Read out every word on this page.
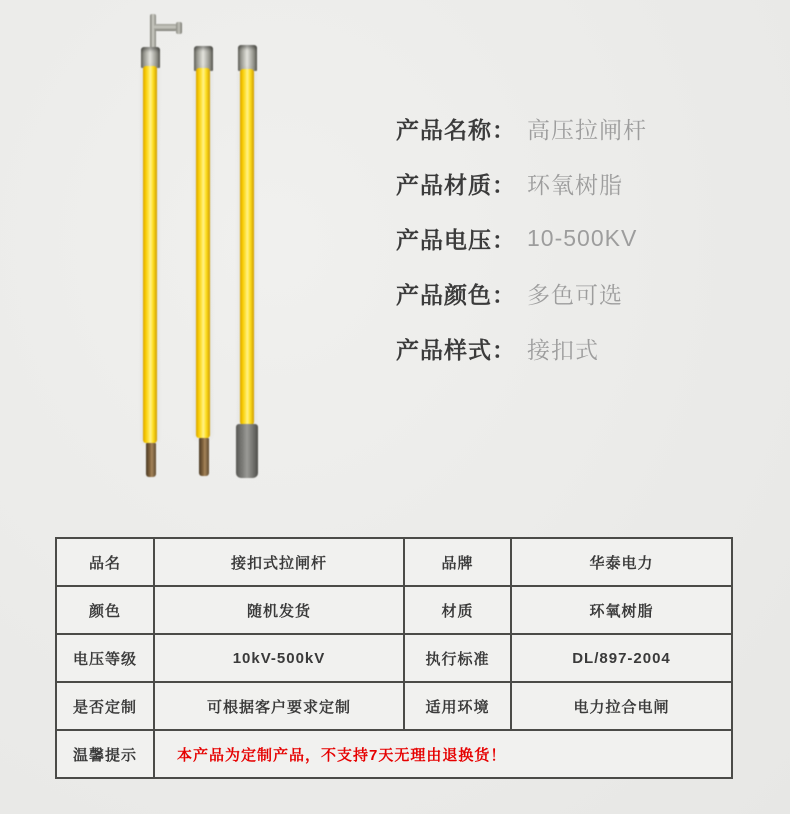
产品名称： 高压拉闸杆
产品材质： 环氧树脂
产品电压： 10-500KV
产品颜色： 多色可选
产品样式： 接扣式
品名	接扣式拉闸杆	品牌	华泰电力
颜色	随机发货	材质	环氧树脂
电压等级	10kV-500kV	执行标准	DL/897-2004
是否定制	可根据客户要求定制	适用环境	电力拉合电闸
温馨提示	本产品为定制产品，不支持7天无理由退换货！		
